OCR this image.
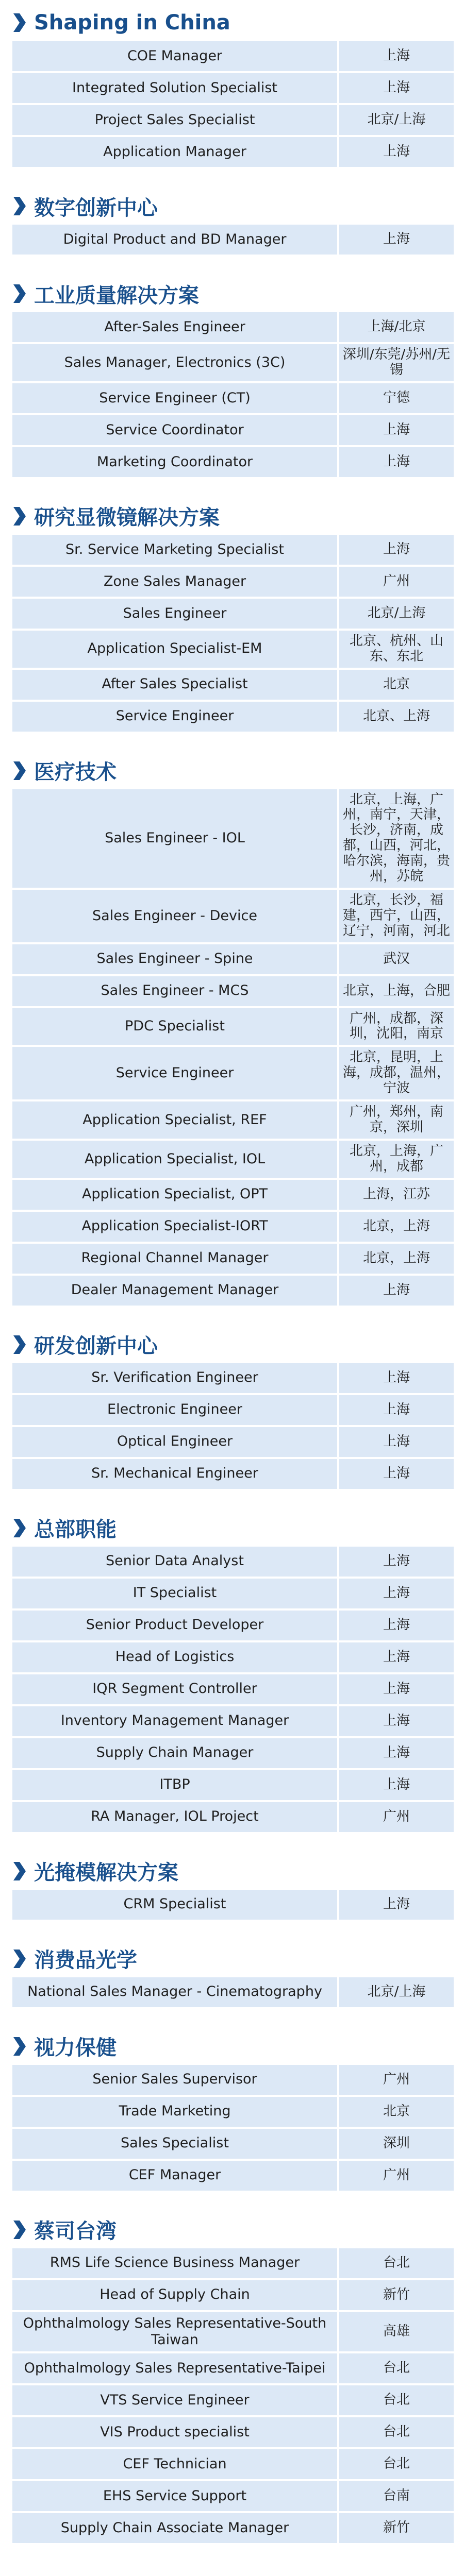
Shaping in China
COE Manager	上海
Integrated Solution Specialist	上海
Project Sales Specialist	北京/上海
Application Manager	上海
数字创新中心
Digital Product and BD Manager	上海
工业质量解决方案
After-Sales Engineer	上海/北京
Sales Manager, Electronics (3C)	深圳/东莞/苏州/无锡
Service Engineer (CT)	宁德
Service Coordinator	上海
Marketing Coordinator	上海
研究显微镜解决方案
Sr. Service Marketing Specialist	上海
Zone Sales Manager	广州
Sales Engineer	北京/上海
Application Specialist-EM	北京、杭州、山东、东北
After Sales Specialist	北京
Service Engineer	北京、上海
医疗技术
Sales Engineer - IOL	北京，上海，广州，南宁，天津，长沙，济南，成都，山西，河北，哈尔滨，海南，贵州，苏皖
Sales Engineer - Device	北京，长沙，福建，西宁，山西，辽宁，河南，河北
Sales Engineer - Spine	武汉
Sales Engineer - MCS	北京，上海，合肥
PDC Specialist	广州，成都，深圳，沈阳，南京
Service Engineer	北京，昆明，上海，成都，温州，宁波
Application Specialist, REF	广州，郑州，南京，深圳
Application Specialist, IOL	北京，上海，广州，成都
Application Specialist, OPT	上海，江苏
Application Specialist-IORT	北京，上海
Regional Channel Manager	北京，上海
Dealer Management Manager	上海
研发创新中心
Sr. Verification Engineer	上海
Electronic Engineer	上海
Optical Engineer	上海
Sr. Mechanical Engineer	上海
总部职能
Senior Data Analyst	上海
IT Specialist	上海
Senior Product Developer	上海
Head of Logistics	上海
IQR Segment Controller	上海
Inventory Management Manager	上海
Supply Chain Manager	上海
ITBP	上海
RA Manager, IOL Project	广州
光掩模解决方案
CRM Specialist	上海
消费品光学
National Sales Manager - Cinematography	北京/上海
视力保健
Senior Sales Supervisor	广州
Trade Marketing	北京
Sales Specialist	深圳
CEF Manager	广州
蔡司台湾
RMS Life Science Business Manager	台北
Head of Supply Chain	新竹
Ophthalmology Sales Representative-South Taiwan	高雄
Ophthalmology Sales Representative-Taipei	台北
VTS Service Engineer	台北
VIS Product specialist	台北
CEF Technician	台北
EHS Service Support	台南
Supply Chain Associate Manager	新竹
